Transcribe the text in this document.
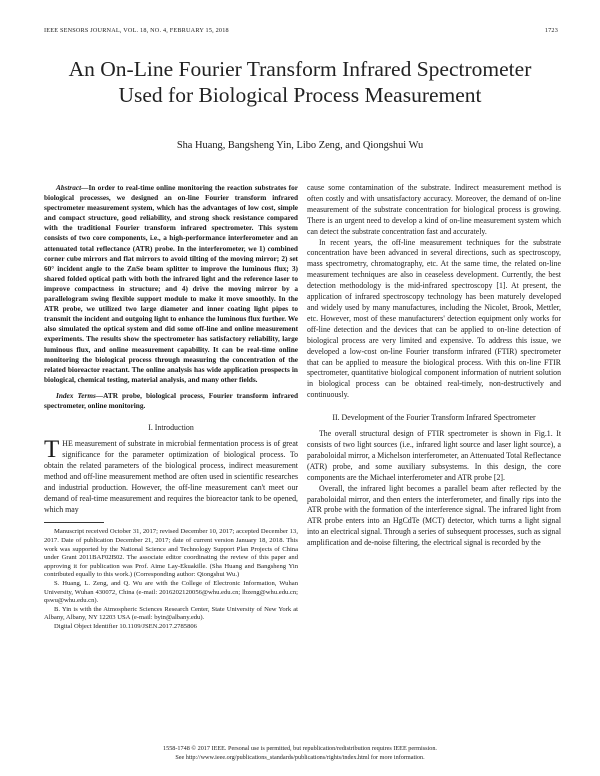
IEEE SENSORS JOURNAL, VOL. 18, NO. 4, FEBRUARY 15, 2018	1723
An On-Line Fourier Transform Infrared Spectrometer Used for Biological Process Measurement
Sha Huang, Bangsheng Yin, Libo Zeng, and Qiongshui Wu

Abstract—In order to real-time online monitoring the reaction substrates for biological processes, we designed an on-line Fourier transform infrared spectrometer measurement system, which has the advantages of low cost, simple and compact structure, good reliability, and strong shock resistance compared with the traditional Fourier transform infrared spectrometer. This system consists of two core components, i.e., a high-performance interferometer and an attenuated total reflectance (ATR) probe. In the interferometer, we 1) combined corner cube mirrors and flat mirrors to avoid tilting of the moving mirror; 2) set 60° incident angle to the ZnSe beam splitter to improve the luminous flux; 3) shared folded optical path with both the infrared light and the reference laser to improve compactness in structure; and 4) drive the moving mirror by a parallelogram swing flexible support module to make it move smoothly. In the ATR probe, we utilized two large diameter and inner coating light pipes to transmit the incident and outgoing light to enhance the luminous flux further. We also simulated the optical system and did some off-line and online measurement experiments. The results show the spectrometer has satisfactory reliability, large luminous flux, and online measurement capability. It can be real-time online monitoring the biological process through measuring the concentration of the related bioreactor reactant. The online analysis has wide application prospects in biological, chemical testing, material analysis, and many other fields.

Index Terms—ATR probe, biological process, Fourier transform infrared spectrometer, online monitoring.

I. Introduction

THE measurement of substrate in microbial fermentation process is of great significance for the parameter optimization of biological process. To obtain the related parameters of the biological process, indirect measurement method and off-line measurement method are often used in scientific researches and industrial production. However, the off-line measurement can't meet our demand of real-time measurement and requires the bioreactor tank to be opened, which may

Manuscript received October 31, 2017; revised December 10, 2017; accepted December 13, 2017. Date of publication December 21, 2017; date of current version January 18, 2018. This work was supported by the National Science and Technology Support Plan Projects of China under Grant 2011BAF02B02. The associate editor coordinating the review of this paper and approving it for publication was Prof. Aime Lay-Ekuakille. (Sha Huang and Bangsheng Yin contributed equally to this work.) (Corresponding author: Qiongshui Wu.)

S. Huang, L. Zeng, and Q. Wu are with the College of Electronic Information, Wuhan University, Wuhan 430072, China (e-mail: 2016202120056@whu.edu.cn; lbzeng@whu.edu.cn; qswu@whu.edu.cn).

B. Yin is with the Atmospheric Sciences Research Center, State University of New York at Albany, Albany, NY 12203 USA (e-mail: byin@albany.edu).

Digital Object Identifier 10.1109/JSEN.2017.2785806

cause some contamination of the substrate. Indirect measurement method is often costly and with unsatisfactory accuracy. Moreover, the demand of on-line measurement of the substrate concentration for biological process is growing. There is an urgent need to develop a kind of on-line measurement system which can detect the substrate concentration fast and accurately.

In recent years, the off-line measurement techniques for the substrate concentration have been advanced in several directions, such as spectroscopy, mass spectrometry, chromatography, etc. At the same time, the related on-line measurement techniques are also in ceaseless development. Currently, the best detection methodology is the mid-infrared spectroscopy [1]. At present, the application of infrared spectroscopy technology has been maturely developed and widely used by many manufactures, including the Nicolet, Brook, Mettler, etc. However, most of these manufacturers' detection equipment only works for off-line detection and the devices that can be applied to on-line detection of biological process are very limited and expensive. To address this issue, we developed a low-cost on-line Fourier transform infrared (FTIR) spectrometer that can be applied to measure the biological process. With this on-line FTIR spectrometer, quantitative biological component information of nutrient solution in biological process can be obtained real-timely, non-destructively and continuously.

II. Development of the Fourier Transform Infrared Spectrometer

The overall structural design of FTIR spectrometer is shown in Fig.1. It consists of two light sources (i.e., infrared light source and laser light source), a paraboloidal mirror, a Michelson interferometer, an Attenuated Total Reflectance (ATR) probe, and some auxiliary subsystems. In this design, the core components are the Michael interferometer and ATR probe [2].

Overall, the infrared light becomes a parallel beam after reflected by the paraboloidal mirror, and then enters the interferometer, and finally rips into the ATR probe with the formation of the interference signal. The infrared light from ATR probe enters into an HgCdTe (MCT) detector, which turns a light signal into an electrical signal. Through a series of subsequent processes, such as signal amplification and de-noise filtering, the electrical signal is recorded by the

1558-1748 © 2017 IEEE. Personal use is permitted, but republication/redistribution requires IEEE permission.
See http://www.ieee.org/publications_standards/publications/rights/index.html for more information.
